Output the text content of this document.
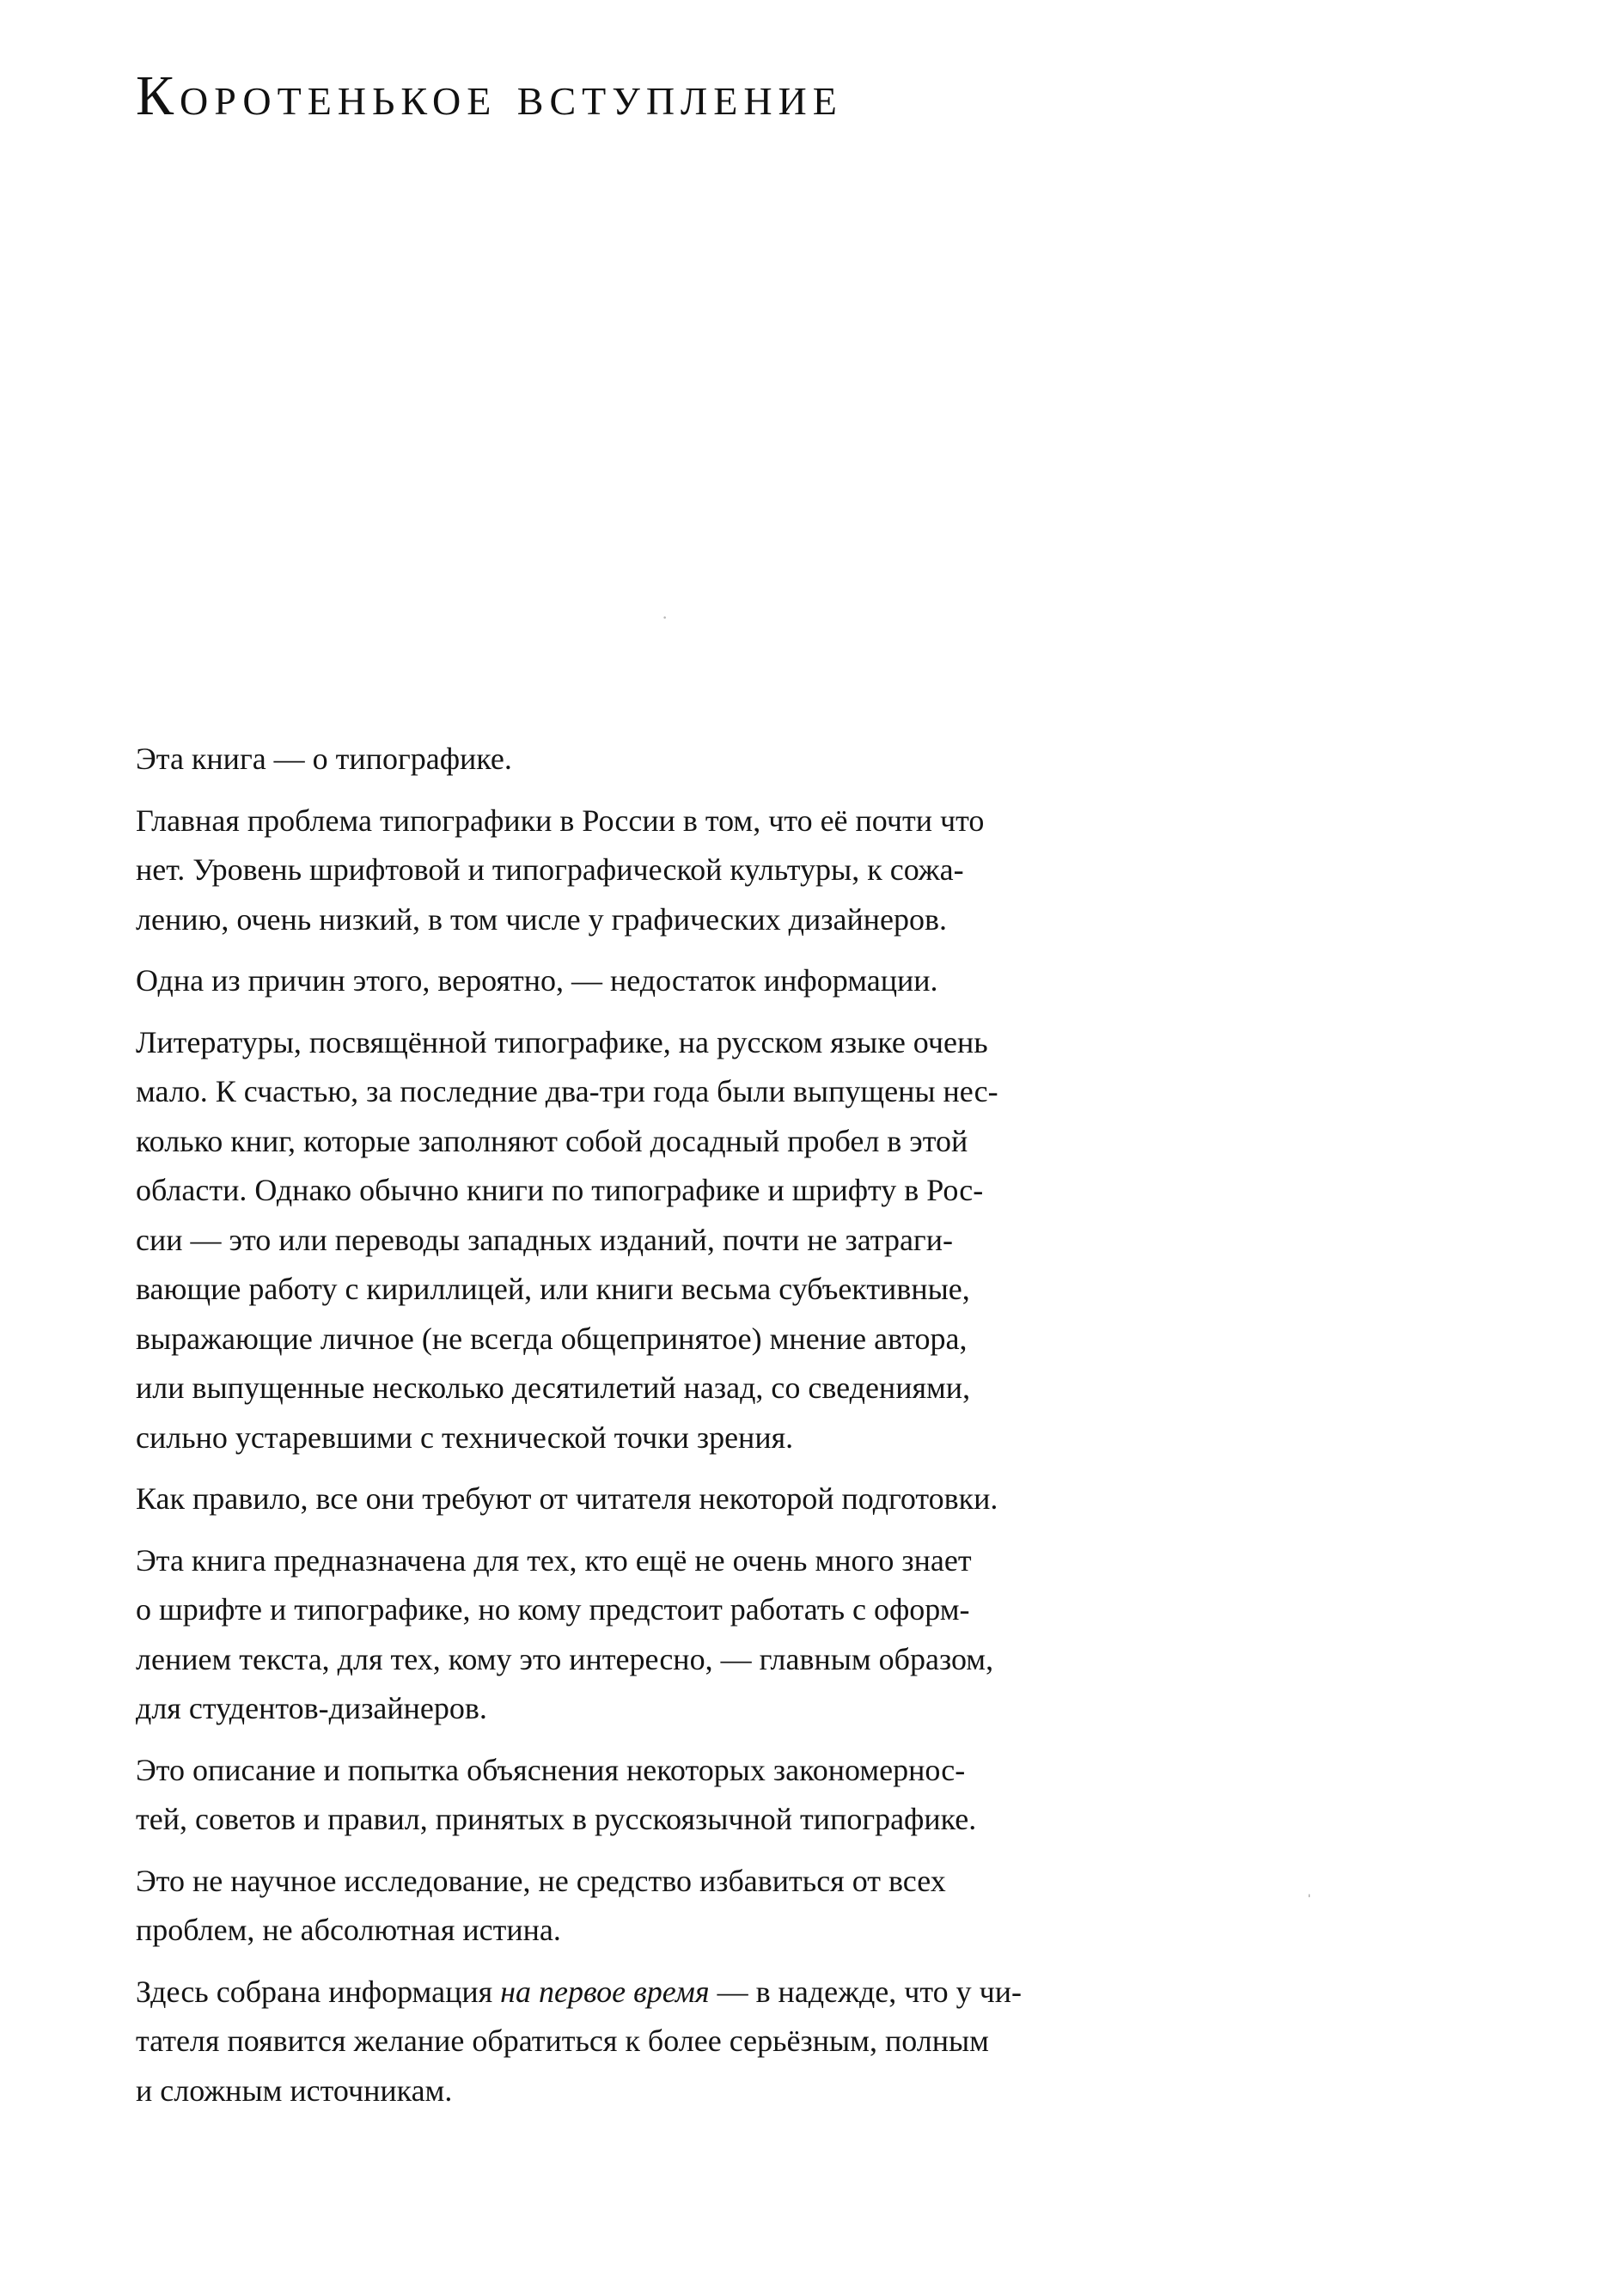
Коротенькое вступление
·
ˈ

Эта книга — о типографике.

Главная проблема типографики в России в том, что её почти что
нет. Уровень шрифтовой и типографической культуры, к сожа-
лению, очень низкий, в том числе у графических дизайнеров.

Одна из причин этого, вероятно, — недостаток информации.

Литературы, посвящённой типографике, на русском языке очень
мало. К счастью, за последние два-три года были выпущены нес-
колько книг, которые заполняют собой досадный пробел в этой
области. Однако обычно книги по типографике и шрифту в Рос-
сии — это или переводы западных изданий, почти не затраги-
вающие работу с кириллицей, или книги весьма субъективные,
выражающие личное (не всегда общепринятое) мнение автора,
или выпущенные несколько десятилетий назад, со сведениями,
сильно устаревшими с технической точки зрения.

Как правило, все они требуют от читателя некоторой подготовки.

Эта книга предназначена для тех, кто ещё не очень много знает
о шрифте и типографике, но кому предстоит работать с оформ-
лением текста, для тех, кому это интересно, — главным образом,
для студентов-дизайнеров.

Это описание и попытка объяснения некоторых закономернос-
тей, советов и правил, принятых в русскоязычной типографике.

Это не научное исследование, не средство избавиться от всех
проблем, не абсолютная истина.

Здесь собрана информация на первое время — в надежде, что у чи-
тателя появится желание обратиться к более серьёзным, полным
и сложным источникам.
